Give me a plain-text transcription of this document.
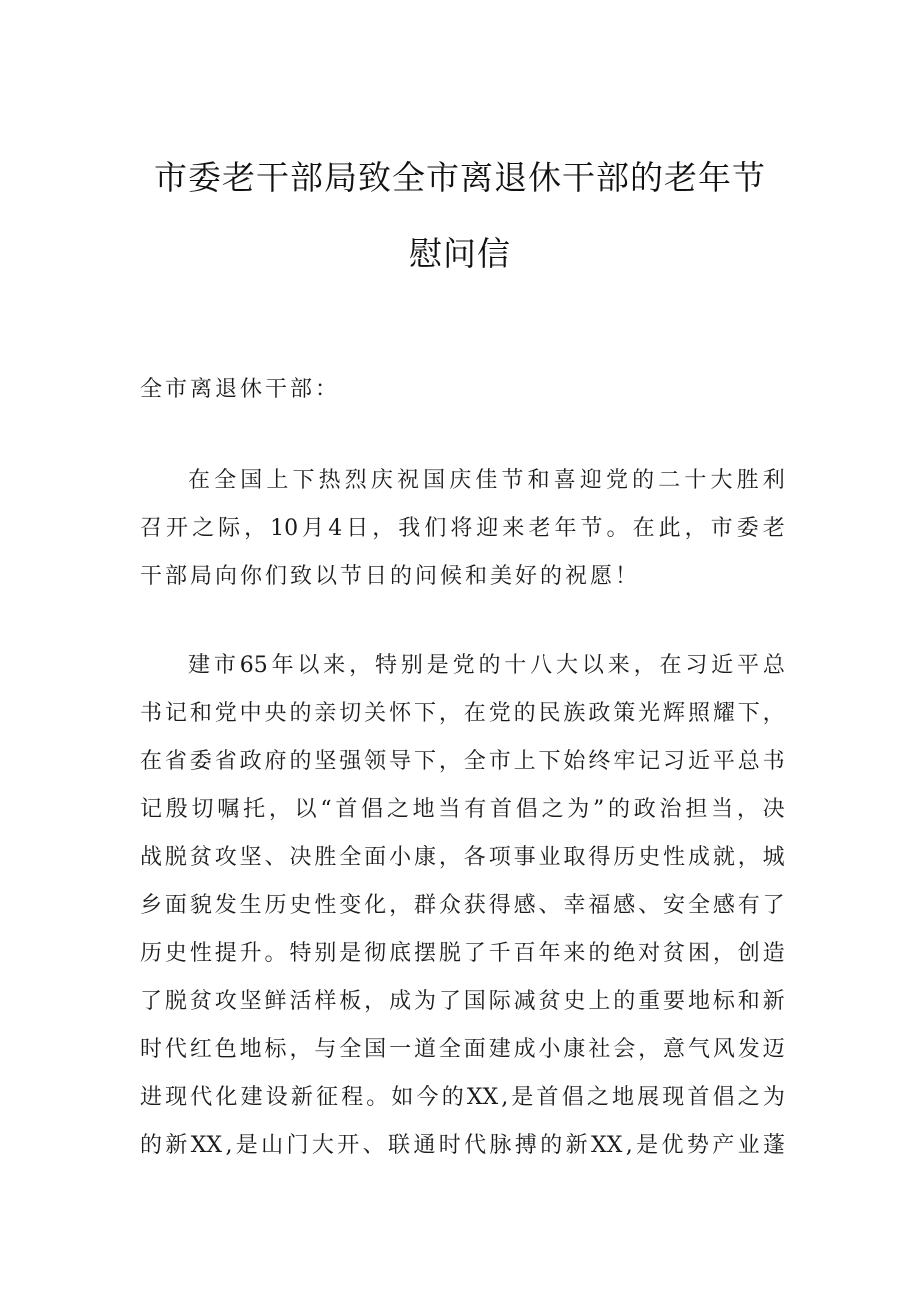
市委老干部局致全市离退休干部的老年节
慰问信
全市离退休干部：
在 全 国 上 下 热 烈 庆 祝 国 庆 佳 节 和 喜 迎 党 的 二 十 大 胜 利
召 开 之 际 ， 10 月 4 日 ， 我 们 将 迎 来 老 年 节 。 在 此 ， 市 委 老
干部局向你们致以节日的问候和美好的祝愿！
建 市 65 年 以 来 ， 特 别 是 党 的 十 八 大 以 来 ， 在 习 近 平 总
书 记 和 党 中 央 的 亲 切 关 怀 下 ， 在 党 的 民 族 政 策 光 辉 照 耀 下 ，
在 省 委 省 政 府 的 坚 强 领 导 下 ， 全 市 上 下 始 终 牢 记 习 近 平 总 书
记 殷 切 嘱 托 ， 以 “ 首 倡 之 地 当 有 首 倡 之 为 ” 的 政 治 担 当 ， 决
战 脱 贫 攻 坚 、 决 胜 全 面 小 康 ， 各 项 事 业 取 得 历 史 性 成 就 ， 城
乡 面 貌 发 生 历 史 性 变 化 ， 群 众 获 得 感 、 幸 福 感 、 安 全 感 有 了
历 史 性 提 升 。 特 别 是 彻 底 摆 脱 了 千 百 年 来 的 绝 对 贫 困 ， 创 造
了 脱 贫 攻 坚 鲜 活 样 板 ， 成 为 了 国 际 减 贫 史 上 的 重 要 地 标 和 新
时 代 红 色 地 标 ， 与 全 国 一 道 全 面 建 成 小 康 社 会 ， 意 气 风 发 迈
进 现 代 化 建 设 新 征 程 。 如 今 的 XX , 是 首 倡 之 地 展 现 首 倡 之 为
的 新 XX , 是 山 门 大 开 、 联 通 时 代 脉 搏 的 新 XX , 是 优 势 产 业 蓬
